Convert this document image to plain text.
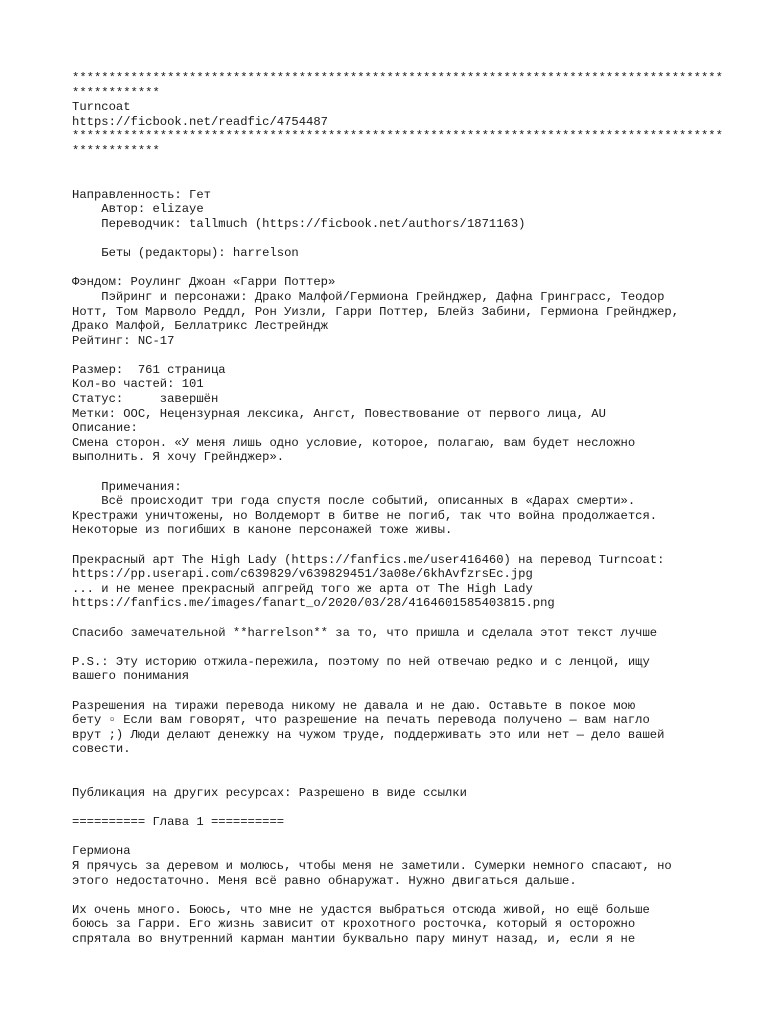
*****************************************************************************************
************
Turncoat
https://ficbook.net/readfic/4754487
*****************************************************************************************
************
Направленность: Гет
Автор: elizaye
Переводчик: tallmuch (https://ficbook.net/authors/1871163)
Беты (редакторы): harrelson
Фэндом: Роулинг Джоан «Гарри Поттер»
Пэйринг и персонажи: Драко Малфой/Гермиона Грейнджер, Дафна Гринграсс, Теодор
Нотт, Том Марволо Реддл, Рон Уизли, Гарри Поттер, Блейз Забини, Гермиона Грейнджер,
Драко Малфой, Беллатрикс Лестрейндж
Рейтинг: NC-17
Размер:  761 страница
Кол-во частей: 101
Статус:     завершён
Метки: OOC, Нецензурная лексика, Ангст, Повествование от первого лица, AU
Описание:
Смена сторон. «У меня лишь одно условие, которое, полагаю, вам будет несложно
выполнить. Я хочу Грейнджер».
Примечания:
Всё происходит три года спустя после событий, описанных в «Дарах смерти».
Крестражи уничтожены, но Волдеморт в битве не погиб, так что война продолжается.
Некоторые из погибших в каноне персонажей тоже живы.
Прекрасный арт The High Lady (https://fanfics.me/user416460) на перевод Turncoat:
https://pp.userapi.com/c639829/v639829451/3a08e/6khAvfzrsEc.jpg
... и не менее прекрасный апгрейд того же арта от The High Lady
https://fanfics.me/images/fanart_o/2020/03/28/4164601585403815.png
Спасибо замечательной **harrelson** за то, что пришла и сделала этот текст лучше
P.S.: Эту историю отжила-пережила, поэтому по ней отвечаю редко и с ленцой, ищу
вашего понимания
Разрешения на тиражи перевода никому не давала и не даю. Оставьте в покое мою
бету ▫ Если вам говорят, что разрешение на печать перевода получено — вам нагло
врут ;) Люди делают денежку на чужом труде, поддерживать это или нет — дело вашей
совести.
Публикация на других ресурсах: Разрешено в виде ссылки
========== Глава 1 ==========
Гермиона
Я прячусь за деревом и молюсь, чтобы меня не заметили. Сумерки немного спасают, но
этого недостаточно. Меня всё равно обнаружат. Нужно двигаться дальше.
Их очень много. Боюсь, что мне не удастся выбраться отсюда живой, но ещё больше
боюсь за Гарри. Его жизнь зависит от крохотного росточка, который я осторожно
спрятала во внутренний карман мантии буквально пару минут назад, и, если я не
